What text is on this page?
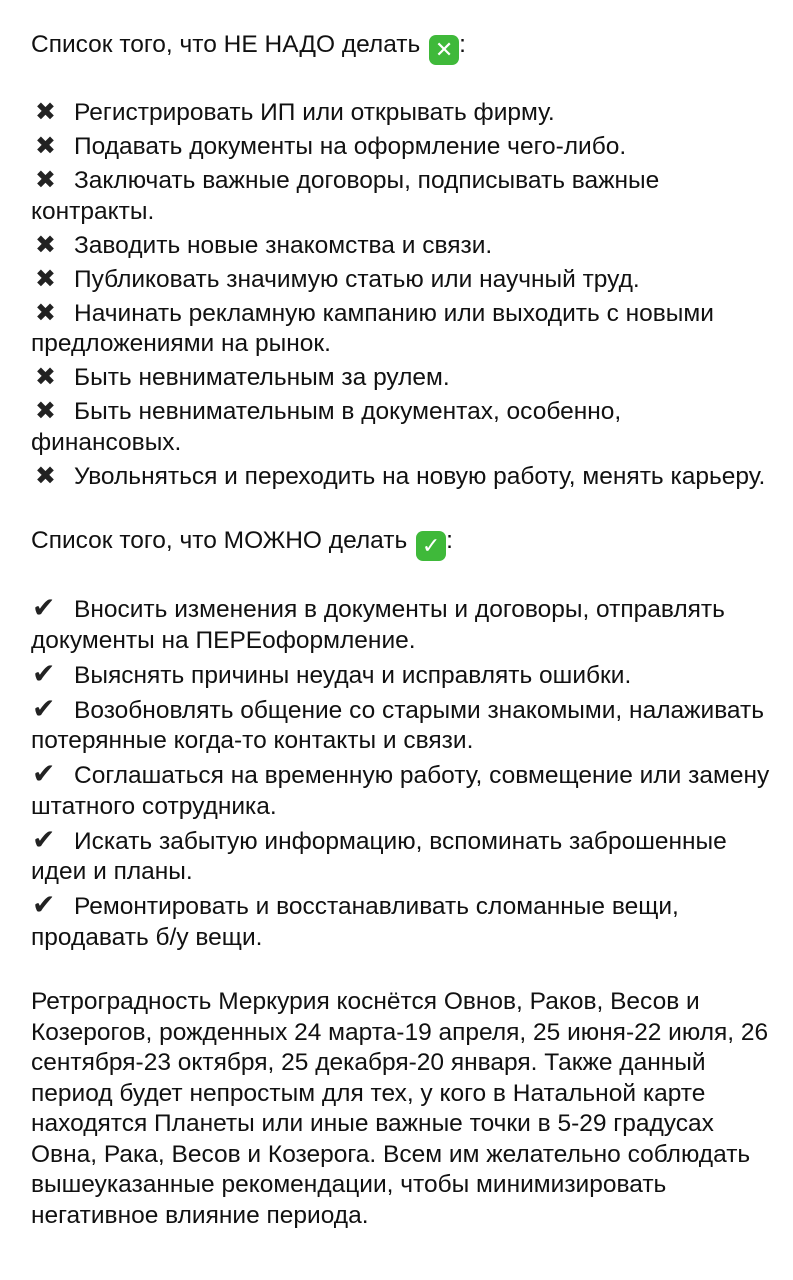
Список того, что НЕ НАДО делать ✕ :
✖ Регистрировать ИП или открывать фирму.
✖ Подавать документы на оформление чего-либо.
✖ Заключать важные договоры, подписывать важные контракты.
✖ Заводить новые знакомства и связи.
✖ Публиковать значимую статью или научный труд.
✖ Начинать рекламную кампанию или выходить с новыми предложениями на рынок.
✖ Быть невнимательным за рулем.
✖ Быть невнимательным в документах, особенно, финансовых.
✖ Увольняться и переходить на новую работу, менять карьеру.
Список того, что МОЖНО делать ✓ :
✔ Вносить изменения в документы и договоры, отправлять документы на ПЕРЕоформление.
✔ Выяснять причины неудач и исправлять ошибки.
✔ Возобновлять общение со старыми знакомыми, налаживать потерянные когда-то контакты и связи.
✔ Соглашаться на временную работу, совмещение или замену штатного сотрудника.
✔ Искать забытую информацию, вспоминать заброшенные идеи и планы.
✔ Ремонтировать и восстанавливать сломанные вещи, продавать б/у вещи.
Ретроградность Меркурия коснётся Овнов, Раков, Весов и Козерогов, рожденных 24 марта-19 апреля, 25 июня-22 июля, 26 сентября-23 октября, 25 декабря-20 января. Также данный период будет непростым для тех, у кого в Натальной карте находятся Планеты или иные важные точки в 5-29 градусах Овна, Рака, Весов и Козерога. Всем им желательно соблюдать вышеуказанные рекомендации, чтобы минимизировать негативное влияние периода.
